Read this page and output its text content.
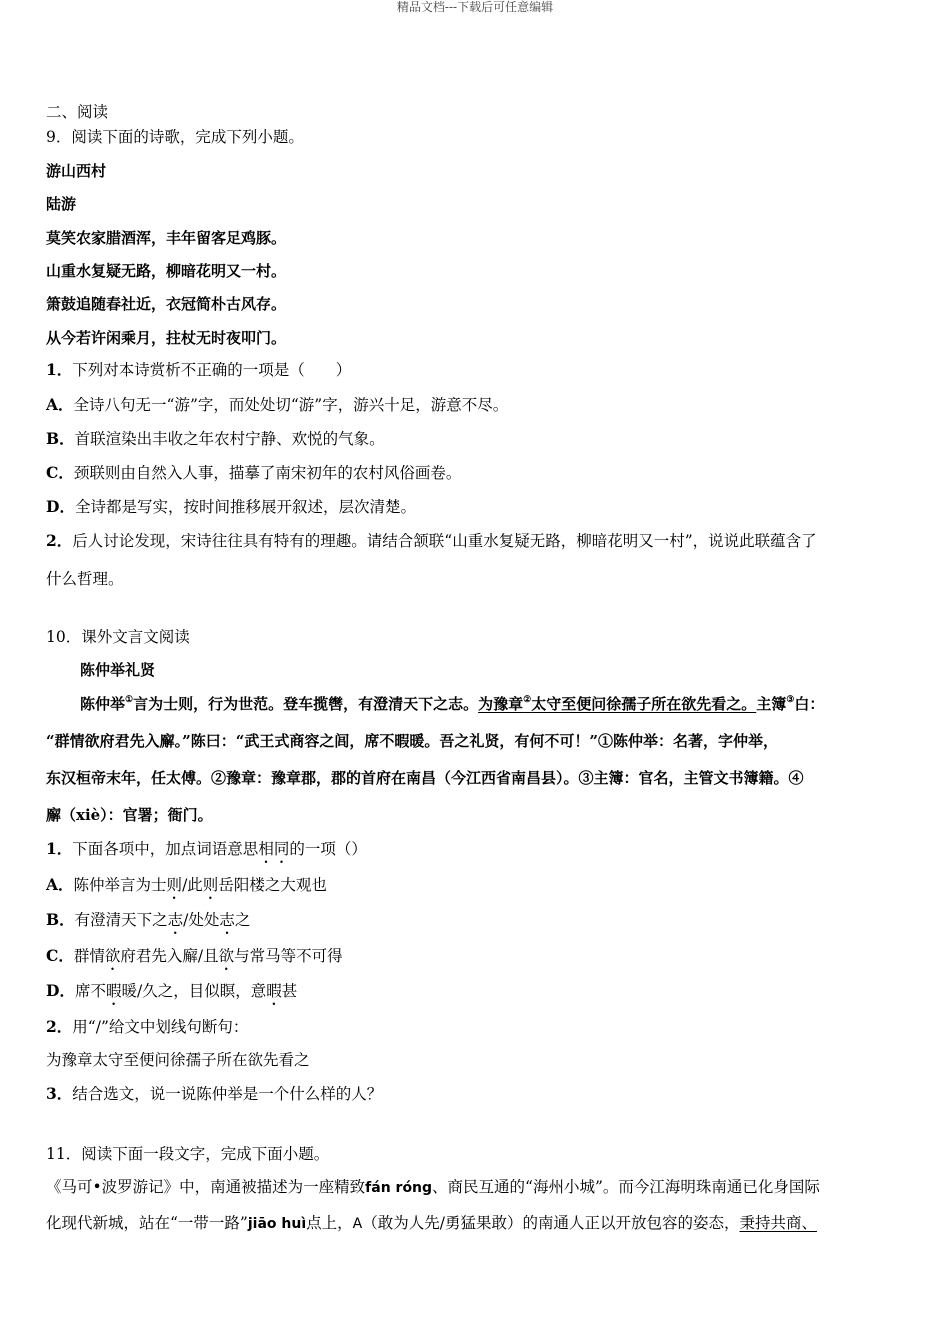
精品文档---下载后可任意编辑
二、阅读
9．阅读下面的诗歌，完成下列小题。
游山西村
陆游
莫笑农家腊酒浑，丰年留客足鸡豚。
山重水复疑无路，柳暗花明又一村。
箫鼓追随春社近，衣冠简朴古风存。
从今若许闲乘月，拄杖无时夜叩门。
1．下列对本诗赏析不正确的一项是（　　）
A．全诗八句无一“游”字，而处处切“游”字，游兴十足，游意不尽。
B．首联渲染出丰收之年农村宁静、欢悦的气象。
C．颈联则由自然入人事，描摹了南宋初年的农村风俗画卷。
D．全诗都是写实，按时间推移展开叙述，层次清楚。
2．后人讨论发现，宋诗往往具有特有的理趣。请结合颔联“山重水复疑无路，柳暗花明又一村”，说说此联蕴含了
什么哲理。
10．课外文言文阅读
陈仲举礼贤
陈仲举①言为士则，行为世范。登车揽辔，有澄清天下之志。为豫章②太守至便问徐孺子所在欲先看之。主簿③白：
“群情欲府君先入廨。”陈曰：“武王式商容之闾，席不暇暖。吾之礼贤，有何不可！”①陈仲举：名著，字仲举，
东汉桓帝末年，任太傅。②豫章：豫章郡，郡的首府在南昌（今江西省南昌县）。③主簿：官名，主管文书簿籍。④
廨（xiè）：官署；衙门。
1．下面各项中，加点词语意思相同的一项（）
A．陈仲举言为士则/此则岳阳楼之大观也
B．有澄清天下之志/处处志之
C．群情欲府君先入廨/且欲与常马等不可得
D．席不暇暖/久之，目似瞑，意暇甚
2．用“/”给文中划线句断句：
为豫章太守至便问徐孺子所在欲先看之
3．结合选文，说一说陈仲举是一个什么样的人？
11．阅读下面一段文字，完成下面小题。
《马可•波罗游记》中，南通被描述为一座精致fán róng、商民互通的“海州小城”。而今江海明珠南通已化身国际
化现代新城，站在“一带一路”jiāo huì点上，A（敢为人先/勇猛果敢）的南通人正以开放包容的姿态，秉持共商、
